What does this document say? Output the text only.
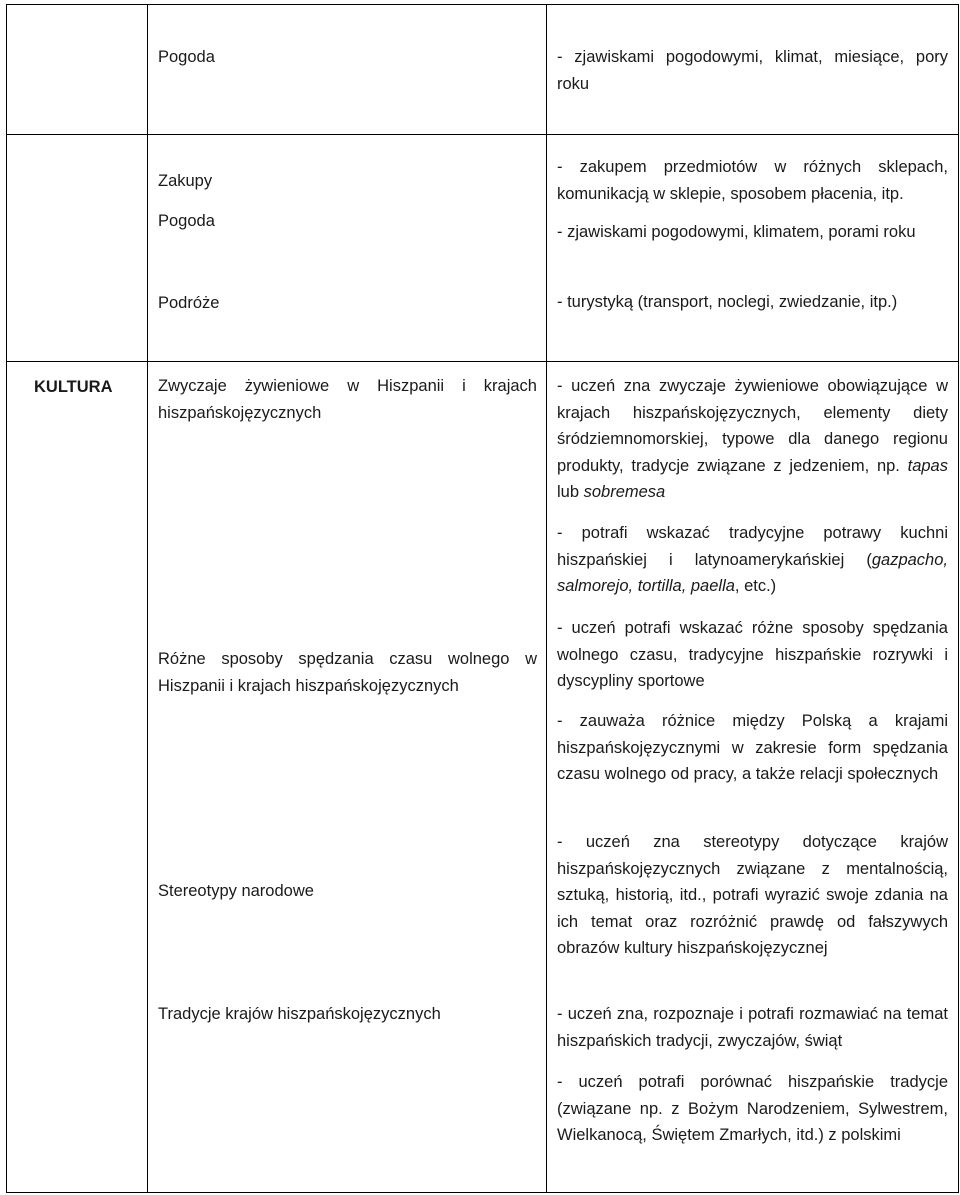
Pogoda	- zjawiskami pogodowymi, klimat, miesiące, pory roku
Zakupy
Pogoda
Podróże
- zakupem przedmiotów w różnych sklepach, komunikacją w sklepie, sposobem płacenia, itp.
- zjawiskami pogodowymi, klimatem, porami roku
- turystyką (transport, noclegi, zwiedzanie, itp.)
KULTURA	Zwyczaje żywieniowe w Hiszpanii i krajach hiszpańskojęzycznych
Różne sposoby spędzania czasu wolnego w Hiszpanii i krajach hiszpańskojęzycznych
Stereotypy narodowe
Tradycje krajów hiszpańskojęzycznych
- uczeń zna zwyczaje żywieniowe obowiązujące w krajach hiszpańskojęzycznych, elementy diety śródziemnomorskiej, typowe dla danego regionu produkty, tradycje związane z jedzeniem, np. tapas lub sobremesa
- potrafi wskazać tradycyjne potrawy kuchni hiszpańskiej i latynoamerykańskiej (gazpacho, salmorejo, tortilla, paella, etc.)
- uczeń potrafi wskazać różne sposoby spędzania wolnego czasu, tradycyjne hiszpańskie rozrywki i dyscypliny sportowe
- zauważa różnice między Polską a krajami hiszpańskojęzycznymi w zakresie form spędzania czasu wolnego od pracy, a także relacji społecznych
- uczeń zna stereotypy dotyczące krajów hiszpańskojęzycznych związane z mentalnością, sztuką, historią, itd., potrafi wyrazić swoje zdania na ich temat oraz rozróżnić prawdę od fałszywych obrazów kultury hiszpańskojęzycznej
- uczeń zna, rozpoznaje i potrafi rozmawiać na temat hiszpańskich tradycji, zwyczajów, świąt
- uczeń potrafi porównać hiszpańskie tradycje (związane np. z Bożym Narodzeniem, Sylwestrem, Wielkanocą, Świętem Zmarłych, itd.) z polskimi
